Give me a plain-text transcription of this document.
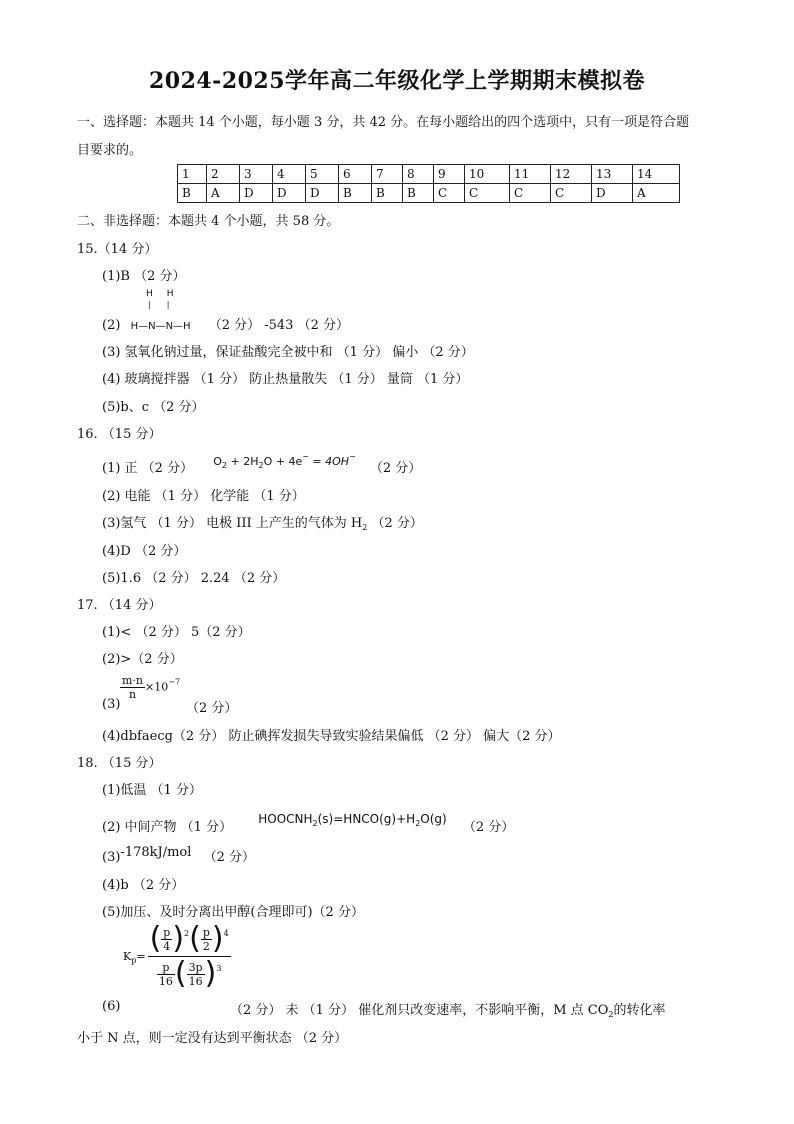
2024-2025学年高二年级化学上学期期末模拟卷
一、选择题：本题共 14 个小题，每小题 3 分，共 42 分。在每小题给出的四个选项中，只有一项是符合题
目要求的。
1	2	3	4	5	6	7	8	9	10	11	12	13	14
B	A	D	D	D	B	B	B	C	C	C	C	D	A
二、非选择题：本题共 4 个小题，共 58 分。
15.（14 分）
(1)B （2 分）
HH
||
(2) H—N—N—H （2 分） -543 （2 分）
(3) 氢氧化钠过量，保证盐酸完全被中和 （1 分） 偏小 （2 分）
(4) 玻璃搅拌器 （1 分） 防止热量散失 （1 分） 量筒 （1 分）
(5)b、c （2 分）
16. （15 分）
(1) 正 （2 分） $^{O_2 + 2H_2O + 4e^- = 4OH^-}$ （2 分）
(2) 电能 （1 分） 化学能 （1 分）
(3)氢气 （1 分） 电极 III 上产生的气体为 $H_2$ （2 分）
(4)D （2 分）
(5)1.6 （2 分） 2.24 （2 分）
17. （14 分）
(1)< （2 分） 5（2 分）
(2)>（2 分）
$\frac{m\cdot n}{n} \times 10^{-7}$
(3)	（2 分）
(4)dbfaecg（2 分） 防止碘挥发损失导致实验结果偏低 （2 分） 偏大（2 分）
18. （15 分）
(1)低温 （1 分）
(2) 中间产物 （1 分） $HOOCNH_2(s)=HNCO(g)+H_2O(g)$ （2 分）
(3)-178kJ/mol （2 分）
(4)b （2 分）
(5)加压、及时分离出甲醇(合理即可)（2 分）
$K_p=$	( $\frac{p}{4} )^2( \frac{p}{2} )^4$

$\frac{p}{16}$ ( $\frac{3p}{16} )^3$
(6)	（2 分） 未 （1 分） 催化剂只改变速率，不影响平衡，M 点 $CO_2$的转化率
小于 N 点，则一定没有达到平衡状态 （2 分）
